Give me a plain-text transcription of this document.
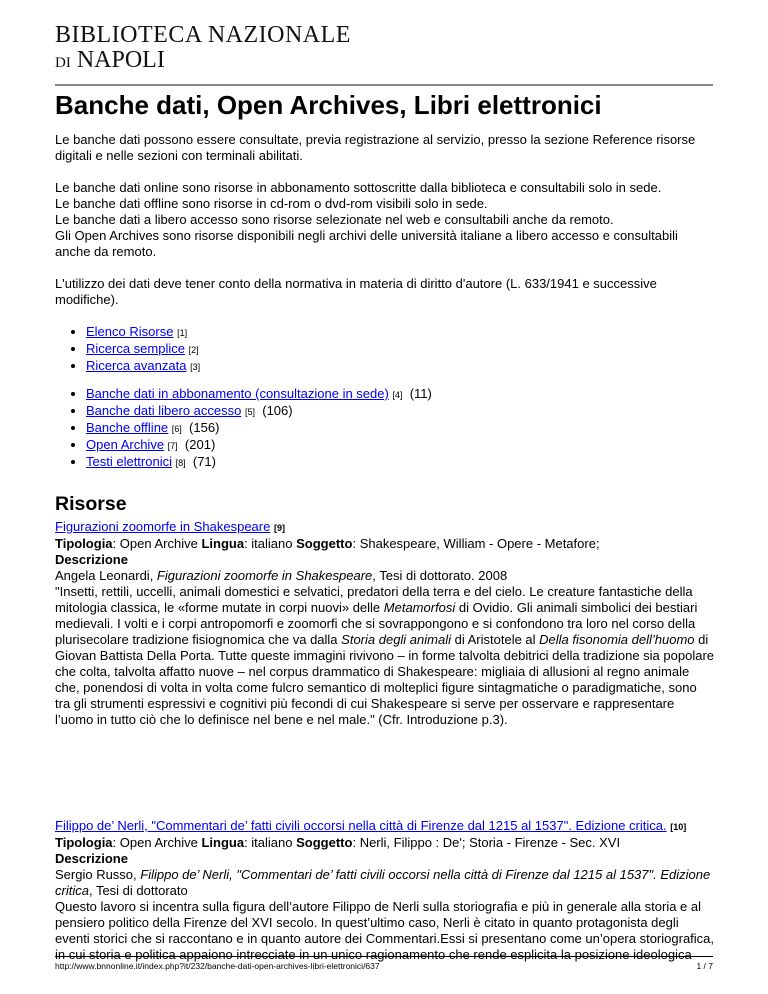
BIBLIOTECA NAZIONALE
DI NAPOLI
Banche dati, Open Archives, Libri elettronici

Le banche dati possono essere consultate, previa registrazione al servizio, presso la sezione Reference risorse digitali e nelle sezioni con terminali abilitati.

Le banche dati online sono risorse in abbonamento sottoscritte dalla biblioteca e consultabili solo in sede.
Le banche dati offline sono risorse in cd-rom o dvd-rom visibili solo in sede.
Le banche dati a libero accesso sono risorse selezionate nel web e consultabili anche da remoto.
Gli Open Archives sono risorse disponibili negli archivi delle università italiane a libero accesso e consultabili anche da remoto.

L'utilizzo dei dati deve tener conto della normativa in materia di diritto d'autore (L. 633/1941 e successive modifiche).

• Elenco Risorse [1]
• Ricerca semplice [2]
• Ricerca avanzata [3]
• Banche dati in abbonamento (consultazione in sede) [4] (11)
• Banche dati libero accesso [5] (106)
• Banche offline [6] (156)
• Open Archive [7] (201)
• Testi elettronici [8] (71)
Risorse
Figurazioni zoomorfe in Shakespeare [9]
Tipologia: Open Archive Lingua: italiano Soggetto: Shakespeare, William - Opere - Metafore;
Descrizione
Angela Leonardi, Figurazioni zoomorfe in Shakespeare, Tesi di dottorato. 2008
"Insetti, rettili, uccelli, animali domestici e selvatici, predatori della terra e del cielo. Le creature fantastiche della mitologia classica, le «forme mutate in corpi nuovi» delle Metamorfosi di Ovidio. Gli animali simbolici dei bestiari medievali. I volti e i corpi antropomorfi e zoomorfi che si sovrappongono e si confondono tra loro nel corso della plurisecolare tradizione fisiognomica che va dalla Storia degli animali di Aristotele al Della fisonomia dell’huomo di Giovan Battista Della Porta. Tutte queste immagini rivivono – in forme talvolta debitrici della tradizione sia popolare che colta, talvolta affatto nuove – nel corpus drammatico di Shakespeare: migliaia di allusioni al regno animale che, ponendosi di volta in volta come fulcro semantico di molteplici figure sintagmatiche o paradigmatiche, sono tra gli strumenti espressivi e cognitivi più fecondi di cui Shakespeare si serve per osservare e rappresentare l’uomo in tutto ciò che lo definisce nel bene e nel male." (Cfr. Introduzione p.3).
Filippo de’ Nerli, "Commentari de’ fatti civili occorsi nella città di Firenze dal 1215 al 1537". Edizione critica. [10]
Tipologia: Open Archive Lingua: italiano Soggetto: Nerli, Filippo : De'; Storia - Firenze - Sec. XVI
Descrizione
Sergio Russo, Filippo de’ Nerli, "Commentari de’ fatti civili occorsi nella città di Firenze dal 1215 al 1537". Edizione critica, Tesi di dottorato
Questo lavoro si incentra sulla figura dell’autore Filippo de Nerli sulla storiografia e più in generale alla storia e al pensiero politico della Firenze del XVI secolo. In quest’ultimo caso, Nerli è citato in quanto protagonista degli eventi storici che si raccontano e in quanto autore dei Commentari.Essi si presentano come un’opera storiografica, in cui storia e politica appaiono intrecciate in un unico ragionamento che rende esplicita la posizione ideologica
http://www.bnnonline.it/index.php?it/232/banche-dati-open-archives-libri-elettronici/637	1 / 7
